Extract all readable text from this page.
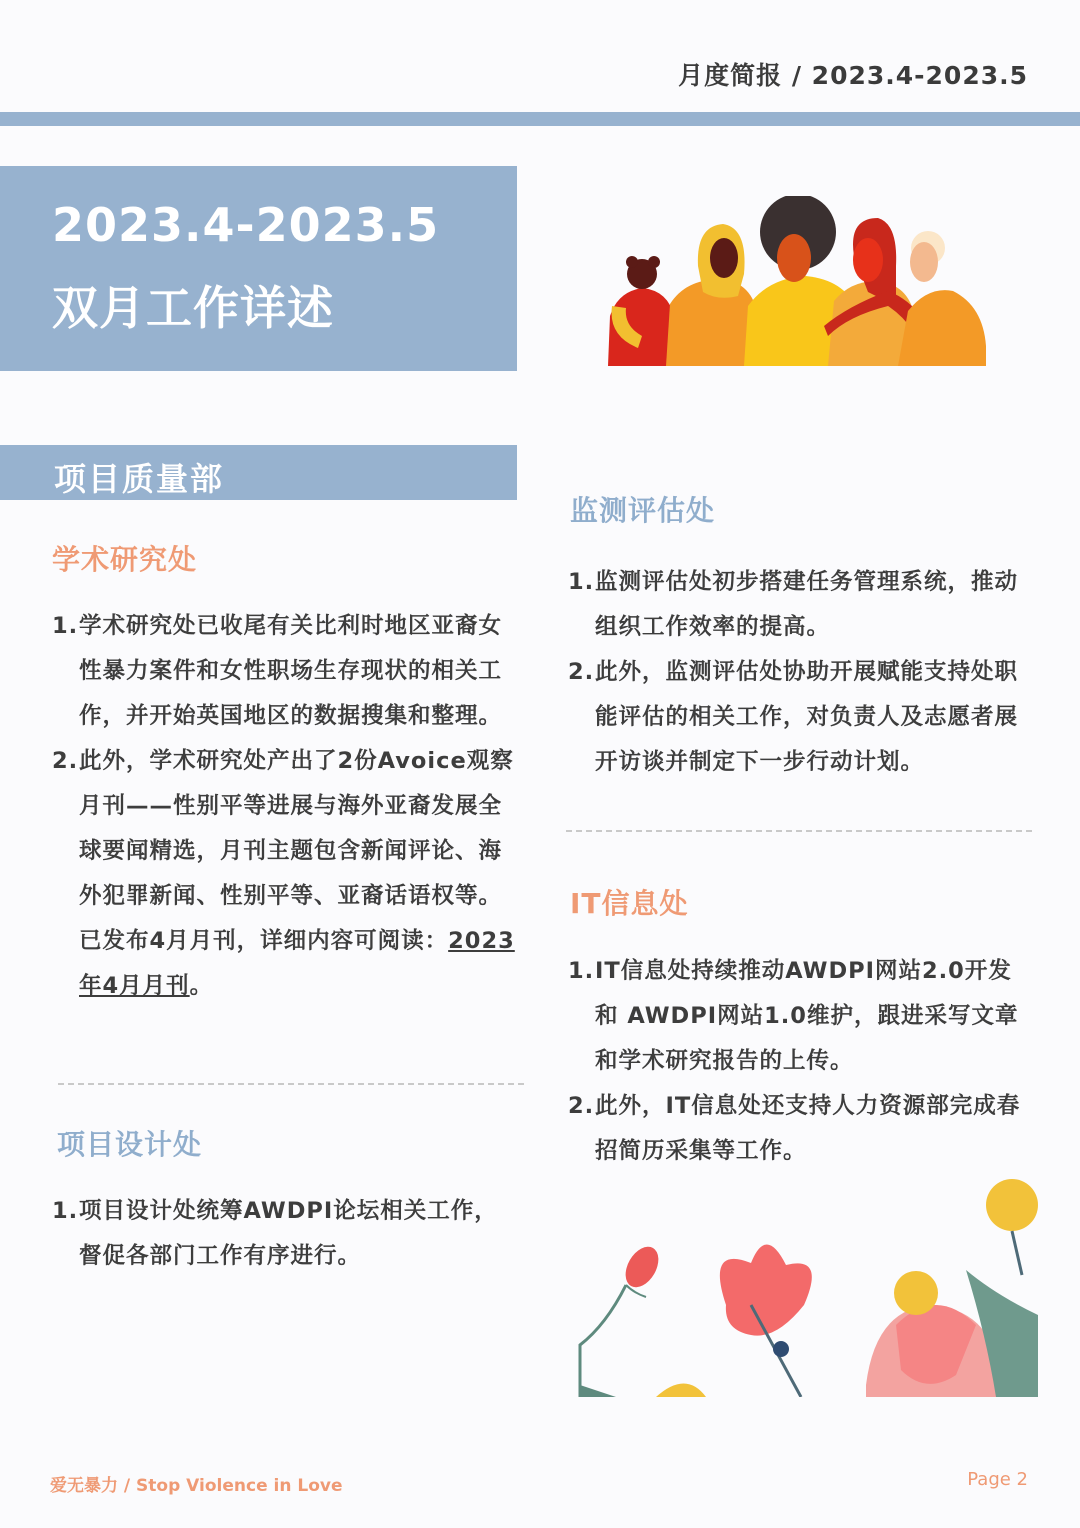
月度简报 / 2023.4-2023.5
2023.4-2023.5
双月工作详述
项目质量部
学术研究处
1. 学术研究处已收尾有关比利时地区亚裔女性暴力案件和女性职场生存现状的相关工作，并开始英国地区的数据搜集和整理。
2. 此外，学术研究处产出了2份Avoice观察月刊——性别平等进展与海外亚裔发展全球要闻精选，月刊主题包含新闻评论、海外犯罪新闻、性别平等、亚裔话语权等。已发布4月月刊，详细内容可阅读：2023年4月月刊。
项目设计处
1. 项目设计处统筹AWDPI论坛相关工作，督促各部门工作有序进行。
监测评估处
1. 监测评估处初步搭建任务管理系统，推动组织工作效率的提高。
2. 此外，监测评估处协助开展赋能支持处职能评估的相关工作，对负责人及志愿者展开访谈并制定下一步行动计划。
IT信息处
1. IT信息处持续推动AWDPI网站2.0开发和 AWDPI网站1.0维护，跟进采写文章和学术研究报告的上传。
2. 此外，IT信息处还支持人力资源部完成春招简历采集等工作。
爱无暴力 / Stop Violence in Love	Page 2
